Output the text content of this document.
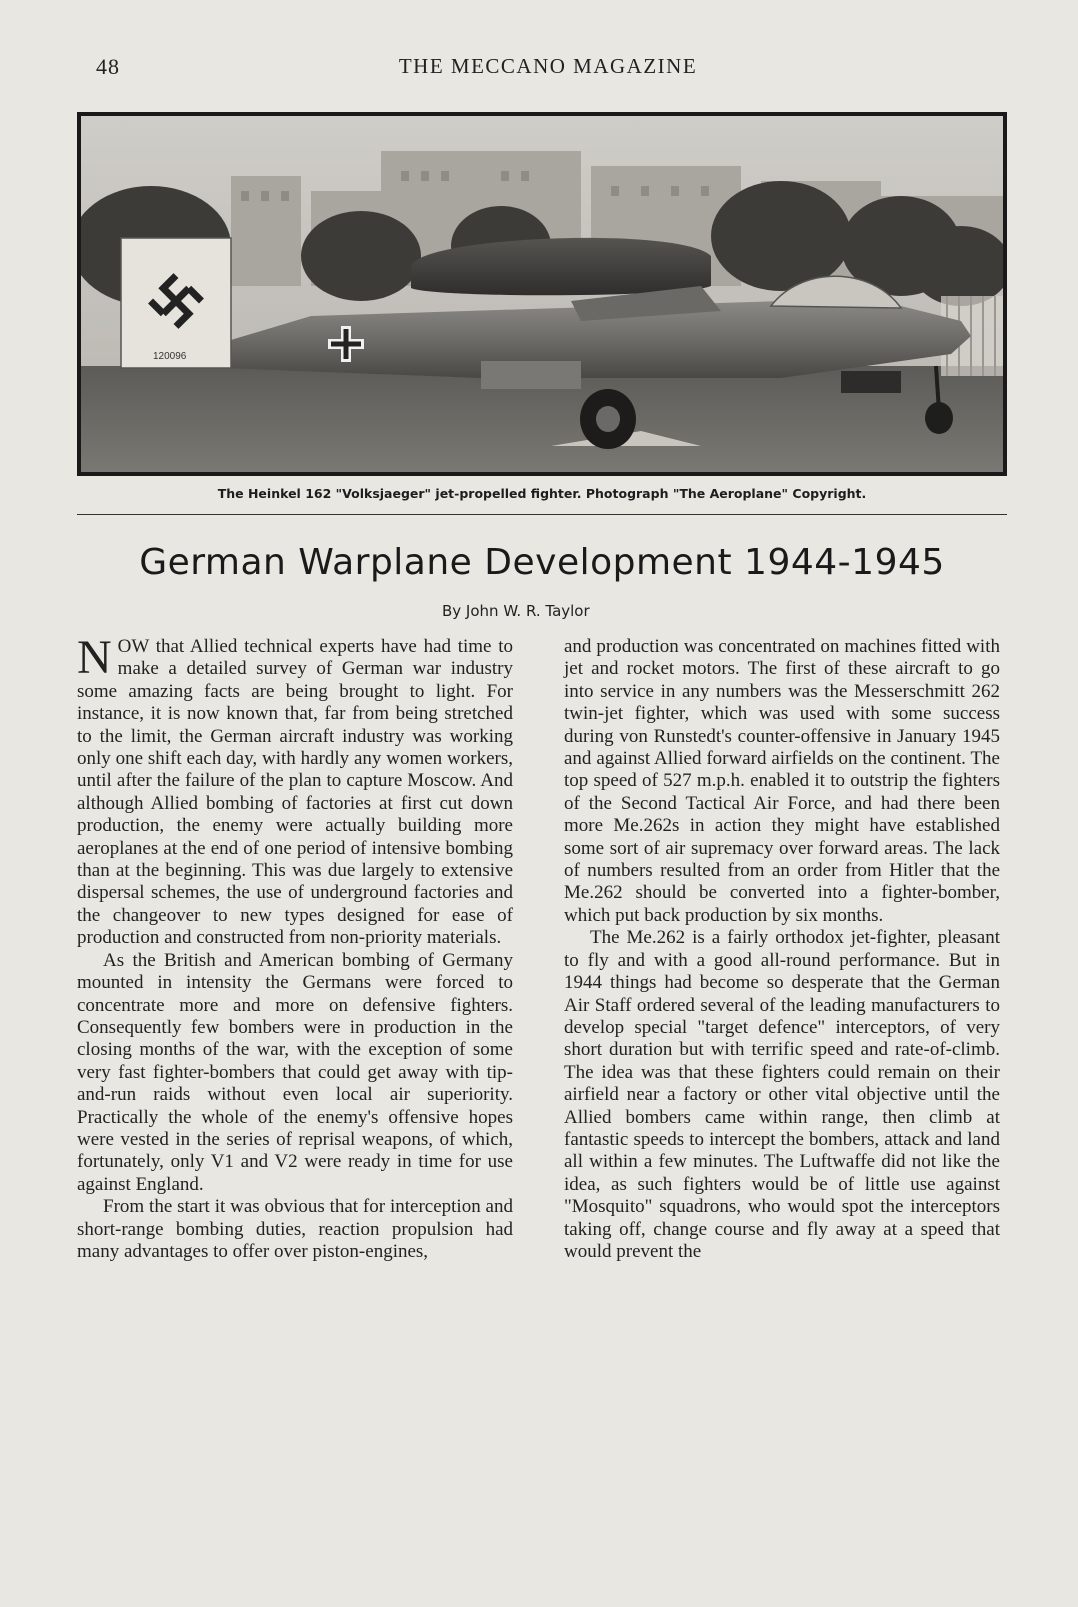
48	THE MECCANO MAGAZINE
120096
The Heinkel 162 "Volksjaeger" jet-propelled fighter. Photograph "The Aeroplane" Copyright.
German Warplane Development 1944-1945
By John W. R. Taylor

NOW that Allied technical experts have had time to make a detailed survey of German war industry some amazing facts are being brought to light. For instance, it is now known that, far from being stretched to the limit, the German aircraft industry was working only one shift each day, with hardly any women workers, until after the failure of the plan to capture Moscow. And although Allied bombing of factories at first cut down production, the enemy were actually building more aeroplanes at the end of one period of intensive bombing than at the beginning. This was due largely to extensive dispersal schemes, the use of underground factories and the changeover to new types designed for ease of production and constructed from non-priority materials.

As the British and American bombing of Germany mounted in intensity the Germans were forced to concentrate more and more on defensive fighters. Consequently few bombers were in production in the closing months of the war, with the exception of some very fast fighter-bombers that could get away with tip-and-run raids without even local air superiority. Practically the whole of the enemy's offensive hopes were vested in the series of reprisal weapons, of which, fortunately, only V1 and V2 were ready in time for use against England.

From the start it was obvious that for interception and short-range bombing duties, reaction propulsion had many advantages to offer over piston-engines,

and production was concentrated on machines fitted with jet and rocket motors. The first of these aircraft to go into service in any numbers was the Messerschmitt 262 twin-jet fighter, which was used with some success during von Runstedt's counter-offensive in January 1945 and against Allied forward airfields on the continent. The top speed of 527 m.p.h. enabled it to outstrip the fighters of the Second Tactical Air Force, and had there been more Me.262s in action they might have established some sort of air supremacy over forward areas. The lack of numbers resulted from an order from Hitler that the Me.262 should be converted into a fighter-bomber, which put back production by six months.

The Me.262 is a fairly orthodox jet-fighter, pleasant to fly and with a good all-round performance. But in 1944 things had become so desperate that the German Air Staff ordered several of the leading manufacturers to develop special "target defence" interceptors, of very short duration but with terrific speed and rate-of-climb. The idea was that these fighters could remain on their airfield near a factory or other vital objective until the Allied bombers came within range, then climb at fantastic speeds to intercept the bombers, attack and land all within a few minutes. The Luftwaffe did not like the idea, as such fighters would be of little use against "Mosquito" squadrons, who would spot the interceptors taking off, change course and fly away at a speed that would prevent the
